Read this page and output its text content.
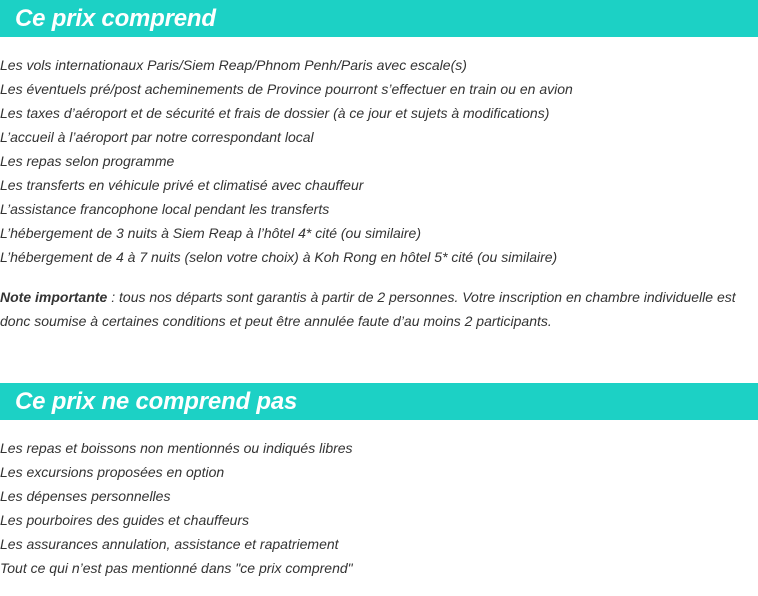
Ce prix comprend
Les vols internationaux Paris/Siem Reap/Phnom Penh/Paris avec escale(s)
Les éventuels pré/post acheminements de Province pourront s’effectuer en train ou en avion
Les taxes d’aéroport et de sécurité et frais de dossier (à ce jour et sujets à modifications)
L’accueil à l’aéroport par notre correspondant local
Les repas selon programme
Les transferts en véhicule privé et climatisé avec chauffeur
L’assistance francophone local pendant les transferts
L’hébergement de 3 nuits à Siem Reap à l’hôtel 4* cité (ou similaire)
L’hébergement de 4 à 7 nuits (selon votre choix) à Koh Rong en hôtel 5* cité (ou similaire)

Note importante : tous nos départs sont garantis à partir de 2 personnes. Votre inscription en chambre individuelle est donc soumise à certaines conditions et peut être annulée faute d’au moins 2 participants.

Ce prix ne comprend pas
Les repas et boissons non mentionnés ou indiqués libres
Les excursions proposées en option
Les dépenses personnelles
Les pourboires des guides et chauffeurs
Les assurances annulation, assistance et rapatriement
Tout ce qui n’est pas mentionné dans "ce prix comprend"
